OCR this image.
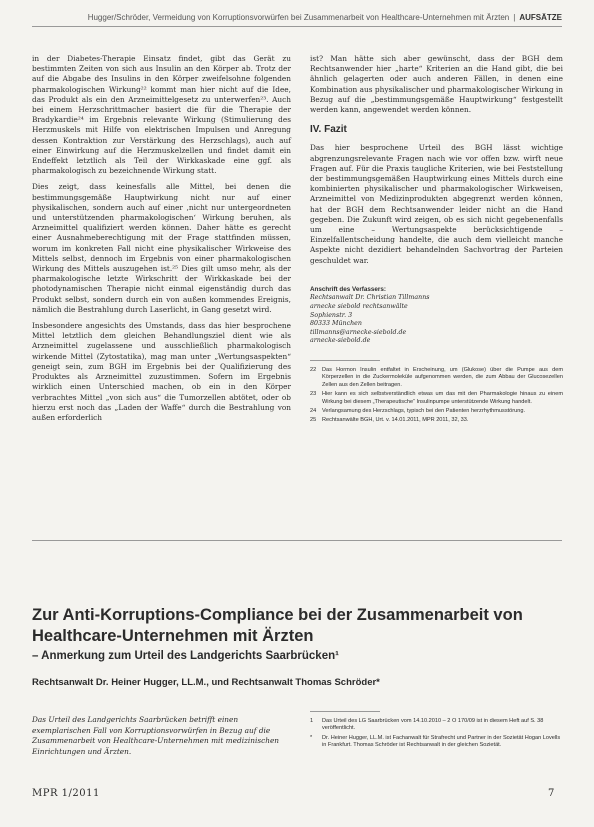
Hugger/Schröder, Vermeidung von Korruptionsvorwürfen bei Zusammenarbeit von Healthcare-Unternehmen mit Ärzten | AUFSÄTZE

in der Diabetes-Therapie Einsatz findet, gibt das Gerät zu bestimmten Zeiten von sich aus Insulin an den Körper ab. Trotz der auf die Abgabe des Insulins in den Körper zweifelsohne folgenden pharmakologischen Wirkung²² kommt man hier nicht auf die Idee, das Produkt als ein den Arzneimittelgesetz zu unterwerfen²³. Auch bei einem Herzschrittmacher basiert die für die Therapie der Bradykardie²⁴ im Ergebnis relevante Wirkung (Stimulierung des Herzmuskels mit Hilfe von elektrischen Impulsen und Anregung dessen Kontraktion zur Verstärkung des Herzschlags), auch auf einer Einwirkung auf die Herzmuskelzellen und findet damit ein Endeffekt letztlich als Teil der Wirkkaskade eine ggf. als pharmakologisch zu bezeichnende Wirkung statt.

Dies zeigt, dass keinesfalls alle Mittel, bei denen die bestimmungsgemäße Hauptwirkung nicht nur auf einer physikalischen, sondern auch auf einer ‚nicht nur untergeordneten und unterstützenden pharmakologischen‘ Wirkung beruhen, als Arzneimittel qualifiziert werden können. Daher hätte es gerecht einer Ausnahmeberechtigung mit der Frage stattfinden müssen, worum im konkreten Fall nicht eine physikalischer Wirkweise des Mittels selbst, dennoch im Ergebnis von einer pharmakologischen Wirkung des Mittels auszugehen ist.²⁵ Dies gilt umso mehr, als der pharmakologische letzte Wirkschritt der Wirkkaskade bei der photodynamischen Therapie nicht einmal eigenständig durch das Produkt selbst, sondern durch ein von außen kommendes Ereignis, nämlich die Bestrahlung durch Laserlicht, in Gang gesetzt wird.

Insbesondere angesichts des Umstands, dass das hier besprochene Mittel letztlich dem gleichen Behandlungsziel dient wie als Arzneimittel zugelassene und ausschließlich pharmakologisch wirkende Mittel (Zytostatika), mag man unter „Wertungsaspekten“ geneigt sein, zum BGH im Ergebnis bei der Qualifizierung des Produktes als Arzneimittel zuzustimmen. Sofern im Ergebnis wirklich einen Unterschied machen, ob ein in den Körper verbrachtes Mittel „von sich aus“ die Tumorzellen abtötet, oder ob hierzu erst noch das „Laden der Waffe“ durch die Bestrahlung von außen erforderlich

ist? Man hätte sich aber gewünscht, dass der BGH dem Rechtsanwender hier „harte“ Kriterien an die Hand gibt, die bei ähnlich gelagerten oder auch anderen Fällen, in denen eine Kombination aus physikalischer und pharmakologischer Wirkung in Bezug auf die „bestimmungsgemäße Hauptwirkung“ festgestellt werden kann, angewendet werden können.

IV. Fazit

Das hier besprochene Urteil des BGH lässt wichtige abgrenzungsrelevante Fragen nach wie vor offen bzw. wirft neue Fragen auf. Für die Praxis taugliche Kriterien, wie bei Feststellung der bestimmungsgemäßen Hauptwirkung eines Mittels durch eine kombinierten physikalischer und pharmakologischer Wirkweisen, Arzneimittel von Medizinprodukten abgegrenzt werden können, hat der BGH dem Rechtsanwender leider nicht an die Hand gegeben. Die Zukunft wird zeigen, ob es sich nicht gegebenenfalls um eine – Wertungsaspekte berücksichtigende – Einzelfallentscheidung handelte, die auch dem vielleicht manche Aspekte nicht dezidiert behandelnden Sachvortrag der Parteien geschuldet war.

Anschrift des Verfassers:
Rechtsanwalt Dr. Christian Tillmanns
arnecke siebold rechtsanwälte
Sophienstr. 3
80333 München
tillmanns@arnecke-siebold.de
arnecke-siebold.de
22	Das Hormon Insulin entfaltet in Erscheinung, um (Glukose) über die Pumpe aus dem Körperzellen in die Zuckermoleküle aufgenommen werden, die zum Abbau der Glucosezellen Zellen aus den Zellen beitragen.
23	Hier kann es sich selbstverständlich etwas um das mit den Pharmakologie hinaus zu einem Wirkung bei diesem „Therapeutische“ Insulinpumpe unterstützende Wirkung handelt.
24	Verlangsamung des Herzschlags, typisch bei den Patienten herzrhythmusstörung.
25	Rechtsanwälte BGH, Urt. v. 14.01.2011, MPR 2011, 32, 33.
Zur Anti-Korruptions-Compliance bei der Zusammenarbeit von Healthcare-Unternehmen mit Ärzten
– Anmerkung zum Urteil des Landgerichts Saarbrücken¹
Rechtsanwalt Dr. Heiner Hugger, LL.M., und Rechtsanwalt Thomas Schröder*

Das Urteil des Landgerichts Saarbrücken betrifft einen exemplarischen Fall von Korruptionsvorwürfen in Bezug auf die Zusammenarbeit von Healthcare-Unternehmen mit medizinischen Einrichtungen und Ärzten.

1	Das Urteil des LG Saarbrücken vom 14.10.2010 – 2 O 170/09 ist in diesem Heft auf S. 38 veröffentlicht.
*	Dr. Heiner Hugger, LL.M. ist Fachanwalt für Strafrecht und Partner in der Sozietät Hogan Lovells in Frankfurt. Thomas Schröder ist Rechtsanwalt in der gleichen Sozietät.
MPR 1/2011	7
